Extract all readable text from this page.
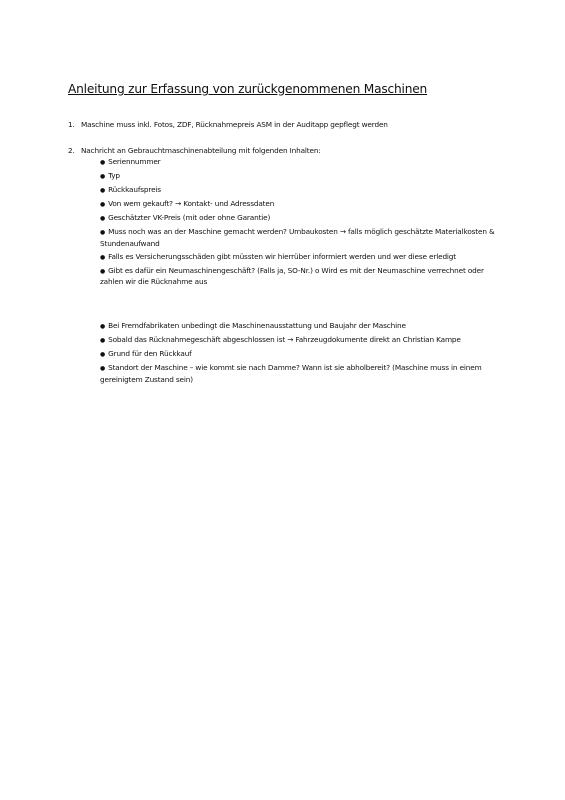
Anleitung zur Erfassung von zurückgenommenen Maschinen
1. Maschine muss inkl. Fotos, ZDF, Rücknahmepreis ASM in der Auditapp gepflegt werden
2. Nachricht an Gebrauchtmaschinenabteilung mit folgenden Inhalten:
● Seriennummer
● Typ
● Rückkaufspreis
● Von wem gekauft? → Kontakt- und Adressdaten
● Geschätzter VK-Preis (mit oder ohne Garantie)
● Muss noch was an der Maschine gemacht werden? Umbaukosten → falls möglich geschätzte Materialkosten & Stundenaufwand
● Falls es Versicherungsschäden gibt müssten wir hierrüber informiert werden und wer diese erledigt
● Gibt es dafür ein Neumaschinengeschäft? (Falls ja, SO-Nr.) o Wird es mit der Neumaschine verrechnet oder zahlen wir die Rücknahme aus
● Bei Fremdfabrikaten unbedingt die Maschinenausstattung und Baujahr der Maschine
● Sobald das Rücknahmegeschäft abgeschlossen ist → Fahrzeugdokumente direkt an Christian Kampe
● Grund für den Rückkauf
● Standort der Maschine – wie kommt sie nach Damme? Wann ist sie abholbereit? (Maschine muss in einem gereinigtem Zustand sein)
